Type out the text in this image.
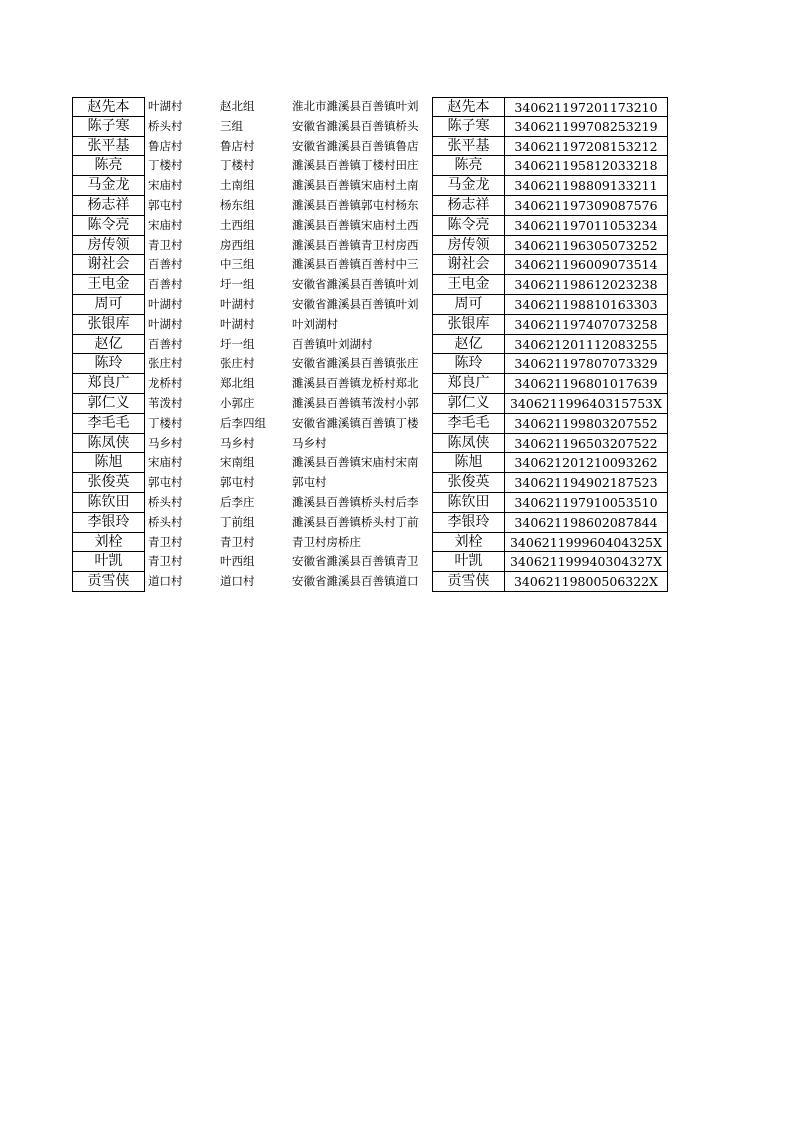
赵先本	叶湖村	赵北组	淮北市濉溪县百善镇叶刘	赵先本	340621197201173210
陈子寒	桥头村	三组	安徽省濉溪县百善镇桥头	陈子寒	340621199708253219
张平基	鲁店村	鲁店村	安徽省濉溪县百善镇鲁店	张平基	340621197208153212
陈亮	丁楼村	丁楼村	濉溪县百善镇丁楼村田庄	陈亮	340621195812033218
马金龙	宋庙村	土南组	濉溪县百善镇宋庙村土南	马金龙	340621198809133211
杨志祥	郭屯村	杨东组	濉溪县百善镇郭屯村杨东	杨志祥	340621197309087576
陈令亮	宋庙村	土西组	濉溪县百善镇宋庙村土西	陈令亮	340621197011053234
房传领	青卫村	房西组	濉溪县百善镇青卫村房西	房传领	340621196305073252
谢社会	百善村	中三组	濉溪县百善镇百善村中三	谢社会	340621196009073514
王电金	百善村	圩一组	安徽省濉溪县百善镇叶刘	王电金	340621198612023238
周可	叶湖村	叶湖村	安徽省濉溪县百善镇叶刘	周可	340621198810163303
张银库	叶湖村	叶湖村	叶刘湖村	张银库	340621197407073258
赵亿	百善村	圩一组	百善镇叶刘湖村	赵亿	340621201112083255
陈玲	张庄村	张庄村	安徽省濉溪县百善镇张庄	陈玲	340621197807073329
郑良广	龙桥村	郑北组	濉溪县百善镇龙桥村郑北	郑良广	340621196801017639
郭仁义	苇泼村	小郭庄	濉溪县百善镇苇泼村小郭	郭仁义	340621199640315753X
李毛毛	丁楼村	后李四组	安徽省濉溪镇百善镇丁楼	李毛毛	340621199803207552
陈凤侠	马乡村	马乡村	马乡村	陈凤侠	340621196503207522
陈旭	宋庙村	宋南组	濉溪县百善镇宋庙村宋南	陈旭	340621201210093262
张俊英	郭屯村	郭屯村	郭屯村	张俊英	340621194902187523
陈钦田	桥头村	后李庄	濉溪县百善镇桥头村后李	陈钦田	340621197910053510
李银玲	桥头村	丁前组	濉溪县百善镇桥头村丁前	李银玲	340621198602087844
刘栓	青卫村	青卫村	青卫村房桥庄	刘栓	340621199960404325X
叶凯	青卫村	叶西组	安徽省濉溪县百善镇青卫	叶凯	340621199940304327X
贡雪侠	道口村	道口村	安徽省濉溪县百善镇道口	贡雪侠	34062119800506322X
